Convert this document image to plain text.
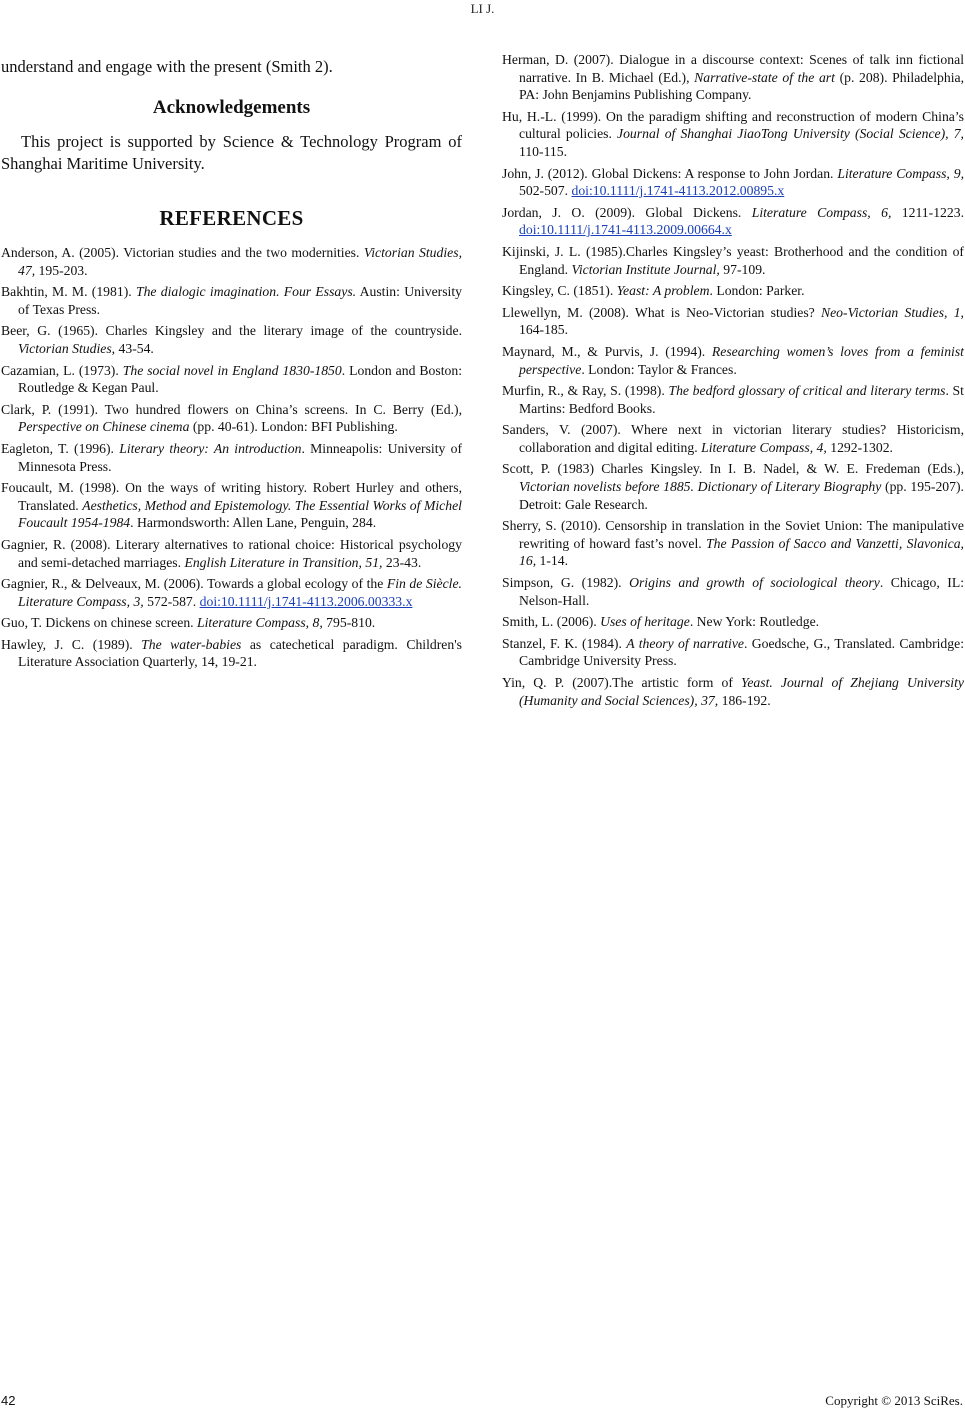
LI J.

understand and engage with the present (Smith 2).

Acknowledgements

This project is supported by Science & Technology Program of Shanghai Maritime University.

REFERENCES
Anderson, A. (2005). Victorian studies and the two modernities. Victorian Studies, 47, 195-203.
Bakhtin, M. M. (1981). The dialogic imagination. Four Essays. Austin: University of Texas Press.
Beer, G. (1965). Charles Kingsley and the literary image of the countryside. Victorian Studies, 43-54.
Cazamian, L. (1973). The social novel in England 1830-1850. London and Boston: Routledge & Kegan Paul.
Clark, P. (1991). Two hundred flowers on China’s screens. In C. Berry (Ed.), Perspective on Chinese cinema (pp. 40-61). London: BFI Publishing.
Eagleton, T. (1996). Literary theory: An introduction. Minneapolis: University of Minnesota Press.
Foucault, M. (1998). On the ways of writing history. Robert Hurley and others, Translated. Aesthetics, Method and Epistemology. The Essential Works of Michel Foucault 1954-1984. Harmondsworth: Allen Lane, Penguin, 284.
Gagnier, R. (2008). Literary alternatives to rational choice: Historical psychology and semi-detached marriages. English Literature in Transition, 51, 23-43.
Gagnier, R., & Delveaux, M. (2006). Towards a global ecology of the Fin de Siècle. Literature Compass, 3, 572-587. doi:10.1111/j.1741-4113.2006.00333.x
Guo, T. Dickens on chinese screen. Literature Compass, 8, 795-810.
Hawley, J. C. (1989). The water-babies as catechetical paradigm. Children's Literature Association Quarterly, 14, 19-21.
Herman, D. (2007). Dialogue in a discourse context: Scenes of talk inn fictional narrative. In B. Michael (Ed.), Narrative-state of the art (p. 208). Philadelphia, PA: John Benjamins Publishing Company.
Hu, H.-L. (1999). On the paradigm shifting and reconstruction of modern China’s cultural policies. Journal of Shanghai JiaoTong University (Social Science), 7, 110-115.
John, J. (2012). Global Dickens: A response to John Jordan. Literature Compass, 9, 502-507. doi:10.1111/j.1741-4113.2012.00895.x
Jordan, J. O. (2009). Global Dickens. Literature Compass, 6, 1211-1223. doi:10.1111/j.1741-4113.2009.00664.x
Kijinski, J. L. (1985).Charles Kingsley’s yeast: Brotherhood and the condition of England. Victorian Institute Journal, 97-109.
Kingsley, C. (1851). Yeast: A problem. London: Parker.
Llewellyn, M. (2008). What is Neo-Victorian studies? Neo-Victorian Studies, 1, 164-185.
Maynard, M., & Purvis, J. (1994). Researching women’s loves from a feminist perspective. London: Taylor & Frances.
Murfin, R., & Ray, S. (1998). The bedford glossary of critical and literary terms. St Martins: Bedford Books.
Sanders, V. (2007). Where next in victorian literary studies? Historicism, collaboration and digital editing. Literature Compass, 4, 1292-1302.
Scott, P. (1983) Charles Kingsley. In I. B. Nadel, & W. E. Fredeman (Eds.), Victorian novelists before 1885. Dictionary of Literary Biography (pp. 195-207). Detroit: Gale Research.
Sherry, S. (2010). Censorship in translation in the Soviet Union: The manipulative rewriting of howard fast’s novel. The Passion of Sacco and Vanzetti, Slavonica, 16, 1-14.
Simpson, G. (1982). Origins and growth of sociological theory. Chicago, IL: Nelson-Hall.
Smith, L. (2006). Uses of heritage. New York: Routledge.
Stanzel, F. K. (1984). A theory of narrative. Goedsche, G., Translated. Cambridge: Cambridge University Press.
Yin, Q. P. (2007).The artistic form of Yeast. Journal of Zhejiang University (Humanity and Social Sciences), 37, 186-192.
42	Copyright © 2013 SciRes.
